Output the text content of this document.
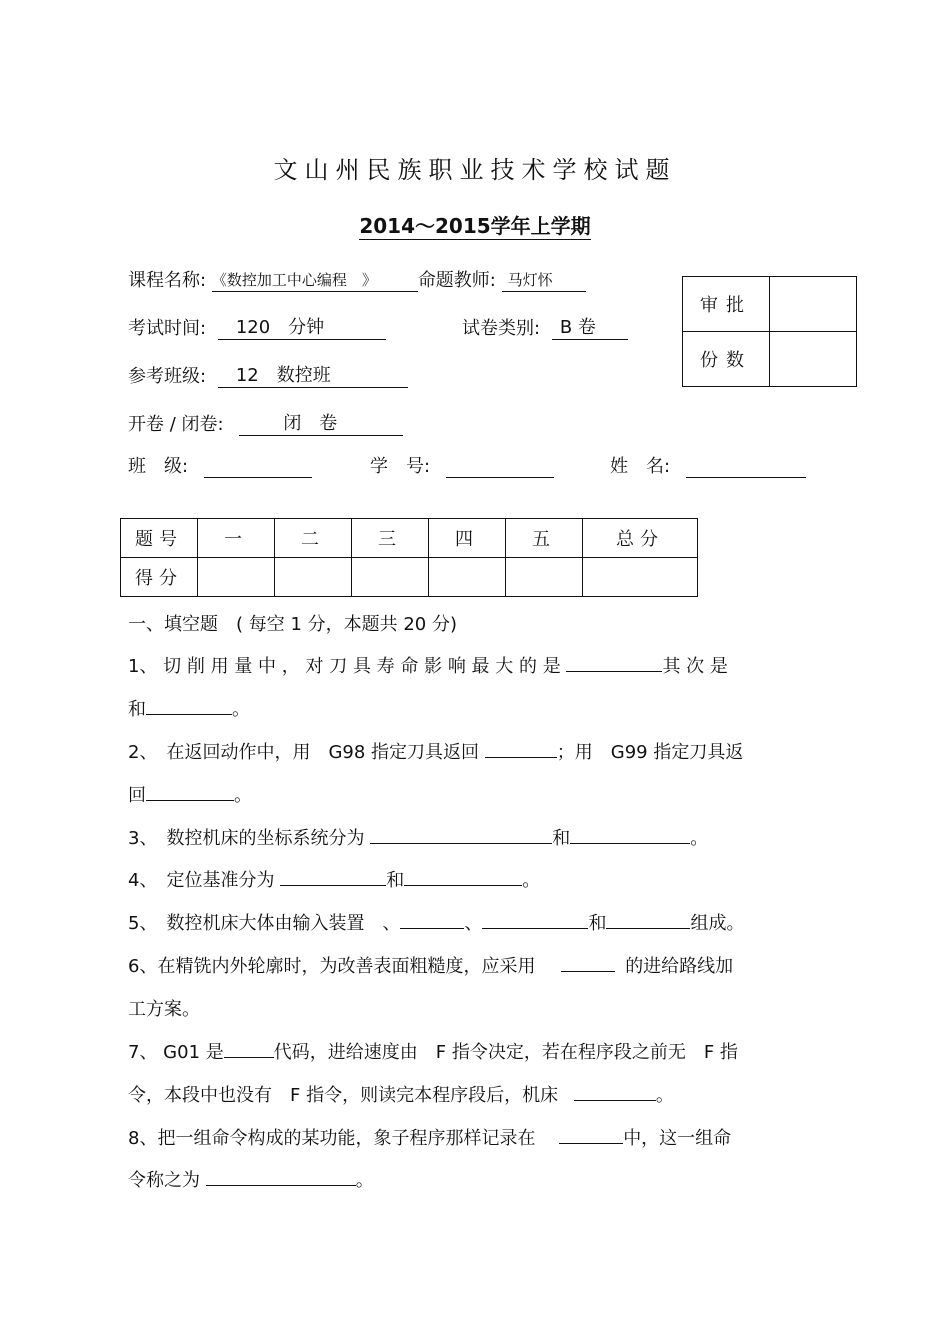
文山州民族职业技术学校试题
2014～2015学年上学期
课程名称: 《数控加工中心编程　》 命题教师: 马灯怀
考试时间: 120　分钟	试卷类别: B 卷
参考班级: 12　数控班
开卷 / 闭卷:	闭　卷
班　级:	学　号:	姓　名:
审批	
份数	
题号	一	二	三	四	五	总分
得分						
一、填空题　( 每空 1 分，本题共 20 分)
1、 切 削 用 量 中 ， 对 刀 具 寿 命 影 响 最 大 的 是	其 次 是
和	。
2、　在返回动作中，用　G98 指定刀具返回	；用　G99 指定刀具返
回	。
3、　数控机床的坐标系统分为	和	。
4、　定位基准分为	和	。
5、　数控机床大体由输入装置　、	、	和	组成。
6、在精铣内外轮廓时，为改善表面粗糙度，应采用	的进给路线加
工方案。
7、 G01 是	代码，进给速度由　F 指令决定，若在程序段之前无　F 指
令，本段中也没有　F 指令，则读完本程序段后，机床	。
8、把一组命令构成的某功能，象子程序那样记录在	中，这一组命
令称之为	。
